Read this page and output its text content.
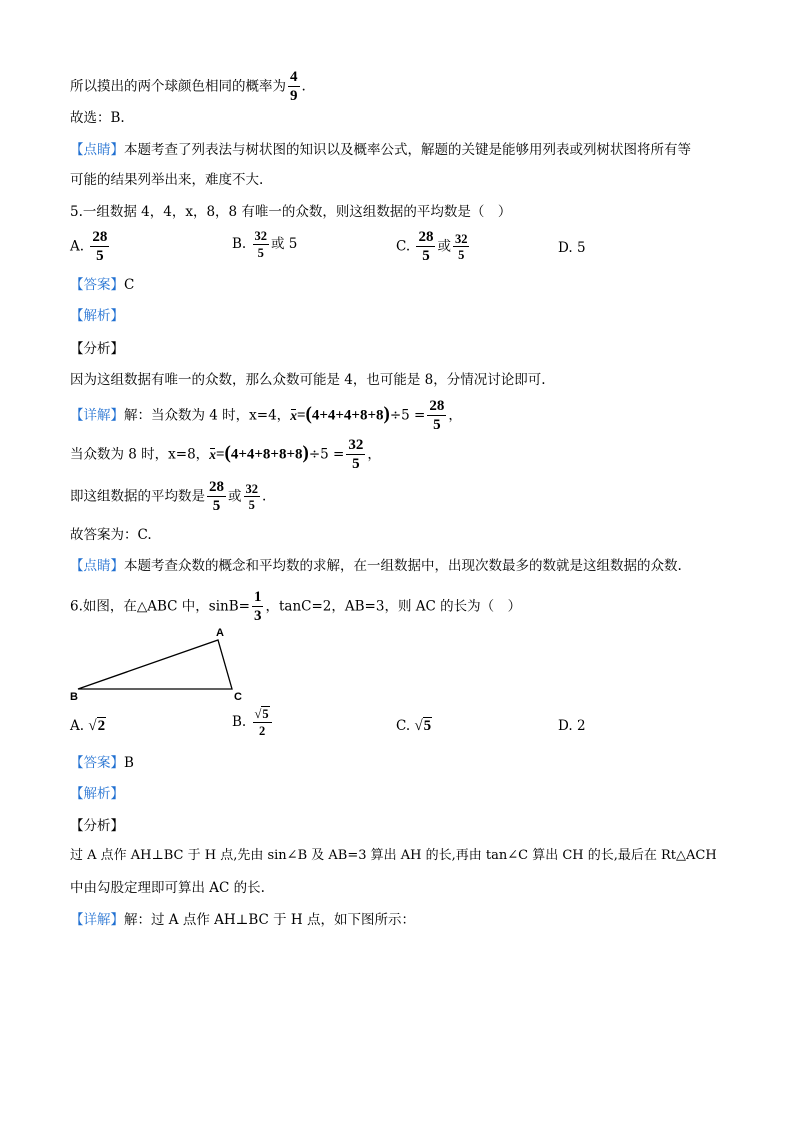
所以摸出的两个球颜色相同的概率为 $\frac{4}{9}$ .
故选：B.
【点睛】本题考查了列表法与树状图的知识以及概率公式，解题的关键是能够用列表或列树状图将所有等
可能的结果列举出来，难度不大.
5.一组数据 4，4，x，8，8 有唯一的众数，则这组数据的平均数是（　）
A. $\frac{28}{5}$	B. $\frac{32}{5}$ 或 5	C. $\frac{28}{5}$ 或 $\frac{32}{5}$	D. 5
【答案】C
【解析】
【分析】
因为这组数据有唯一的众数，那么众数可能是 4，也可能是 8，分情况讨论即可.
【详解】解：当众数为 4 时，x=4，$x=(4+4+4+8+8)\div 5 = \frac{28}{5}$ ，
当众数为 8 时，x=8，$x=(4+4+8+8+8)\div 5 = \frac{32}{5}$ ，
即这组数据的平均数是 $\frac{28}{5}$ 或 $\frac{32}{5}$ .
故答案为：C.
【点睛】本题考查众数的概念和平均数的求解，在一组数据中，出现次数最多的数就是这组数据的众数.
6.如图，在△ABC 中，$\sin B= \frac{1}{3}$ ，tanC=2，AB=3，则 AC 的长为（　）
A
B	C
A. √2	B. $\frac{√5}{2}$	C. √5	D. 2
【答案】B
【解析】
【分析】
过 A 点作 AH⊥BC 于 H 点,先由 sin∠B 及 AB=3 算出 AH 的长,再由 tan∠C 算出 CH 的长,最后在 Rt△ACH
中由勾股定理即可算出 AC 的长.
【详解】解：过 A 点作 AH⊥BC 于 H 点，如下图所示：
